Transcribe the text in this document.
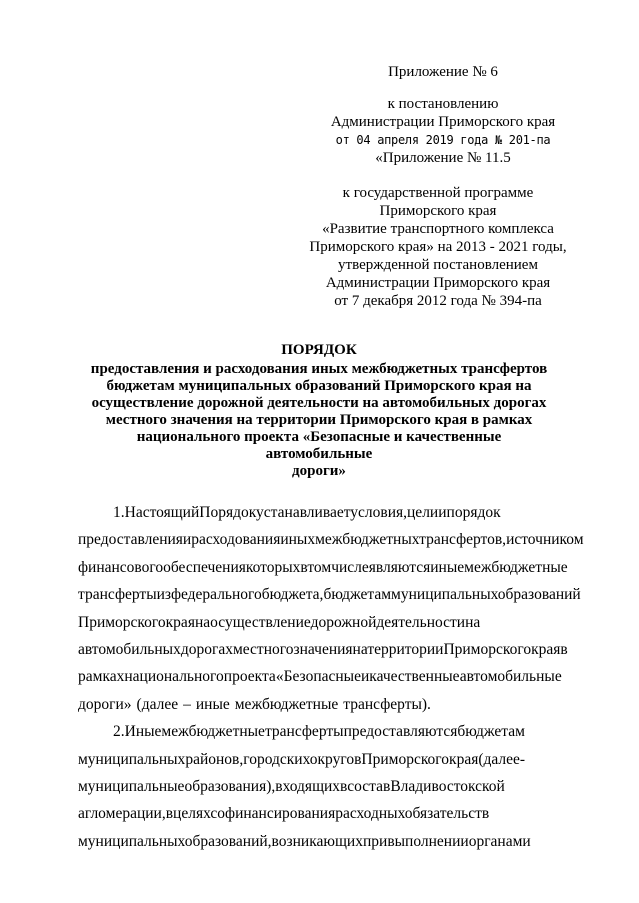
Приложение № 6
к постановлению
Администрации Приморского края
от 04 апреля 2019 года № 201-па
«Приложение № 11.5
к государственной программе
Приморского края
«Развитие транспортного комплекса
Приморского края» на 2013 - 2021 годы,
утвержденной постановлением
Администрации Приморского края
от 7 декабря 2012 года № 394-па
ПОРЯДОК
предоставления и расходования иных межбюджетных трансфертов
бюджетам муниципальных образований Приморского края на
осуществление дорожной деятельности на автомобильных дорогах
местного значения на территории Приморского края в рамках
национального проекта «Безопасные и качественные автомобильные
дороги»
1.НастоящийПорядокустанавливаетусловия,целиипорядок
предоставленияирасходованияиныхмежбюджетныхтрансфертов,источником
финансовогообеспечениякоторыхвтомчислеявляютсяиныемежбюджетные
трансфертыизфедеральногобюджета,бюджетаммуниципальныхобразований
Приморскогокраянаосуществлениедорожнойдеятельностина
автомобильныхдорогахместногозначениянатерриторииПриморскогокраяв
рамкахнациональногопроекта«Безопасныеикачественныеавтомобильные
дороги» (далее – иные межбюджетные трансферты).
2.Иныемежбюджетныетрансфертыпредоставляютсябюджетам
муниципальныхрайонов,городскихокруговПриморскогокрая(далее-
муниципальныеобразования),входящихвсоставВладивостокской
агломерации,вцеляхсофинансированиярасходныхобязательств
муниципальныхобразований,возникающихпривыполненииорганами
